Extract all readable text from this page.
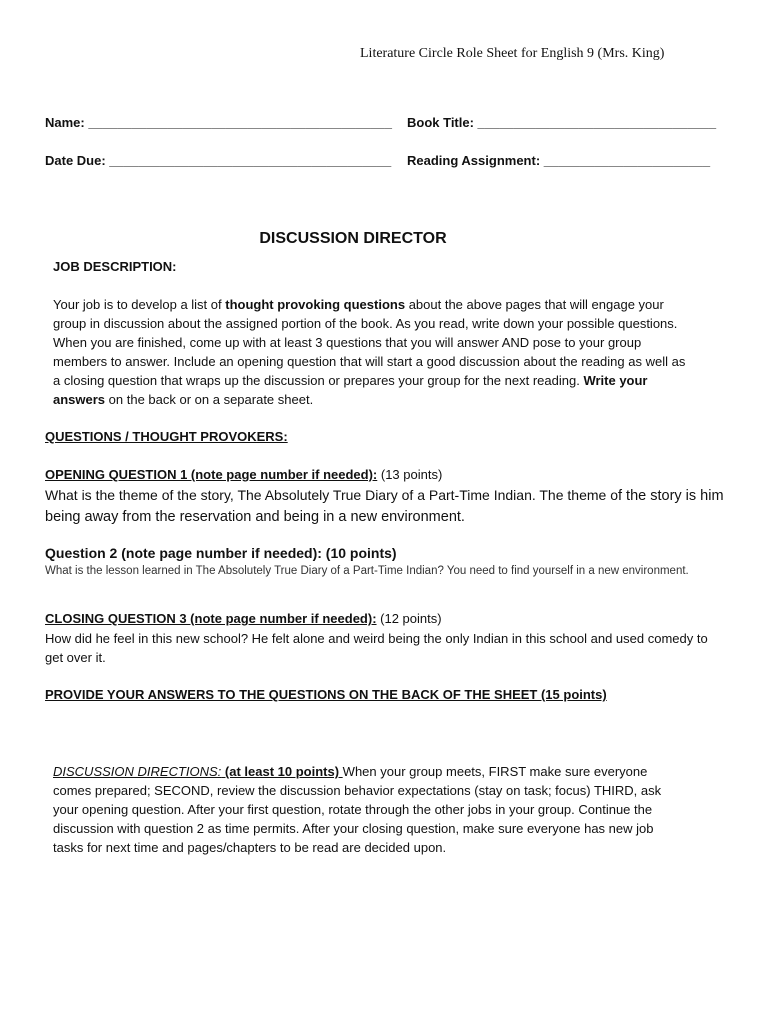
Literature Circle Role Sheet for English 9 (Mrs. King)
Name: __________________________________________ Book Title: _________________________________
Date Due: _______________________________________ Reading Assignment: _______________________
DISCUSSION DIRECTOR
JOB DESCRIPTION:
Your job is to develop a list of thought provoking questions about the above pages that will engage your group in discussion about the assigned portion of the book. As you read, write down your possible questions. When you are finished, come up with at least 3 questions that you will answer AND pose to your group members to answer. Include an opening question that will start a good discussion about the reading as well as a closing question that wraps up the discussion or prepares your group for the next reading. Write your answers on the back or on a separate sheet.
QUESTIONS / THOUGHT PROVOKERS:
OPENING QUESTION 1 (note page number if needed): (13 points)
What is the theme of the story, The Absolutely True Diary of a Part-Time Indian. The theme of the story is him being away from the reservation and being in a new environment.
Question 2 (note page number if needed): (10 points)
What is the lesson learned in The Absolutely True Diary of a Part-Time Indian? You need to find yourself in a new environment.
CLOSING QUESTION 3 (note page number if needed): (12 points)
How did he feel in this new school? He felt alone and weird being the only Indian in this school and used comedy to get over it.
PROVIDE YOUR ANSWERS TO THE QUESTIONS ON THE BACK OF THE SHEET (15 points)
DISCUSSION DIRECTIONS: (at least 10 points) When your group meets, FIRST make sure everyone comes prepared; SECOND, review the discussion behavior expectations (stay on task; focus) THIRD, ask your opening question. After your first question, rotate through the other jobs in your group. Continue the discussion with question 2 as time permits. After your closing question, make sure everyone has new job tasks for next time and pages/chapters to be read are decided upon.
